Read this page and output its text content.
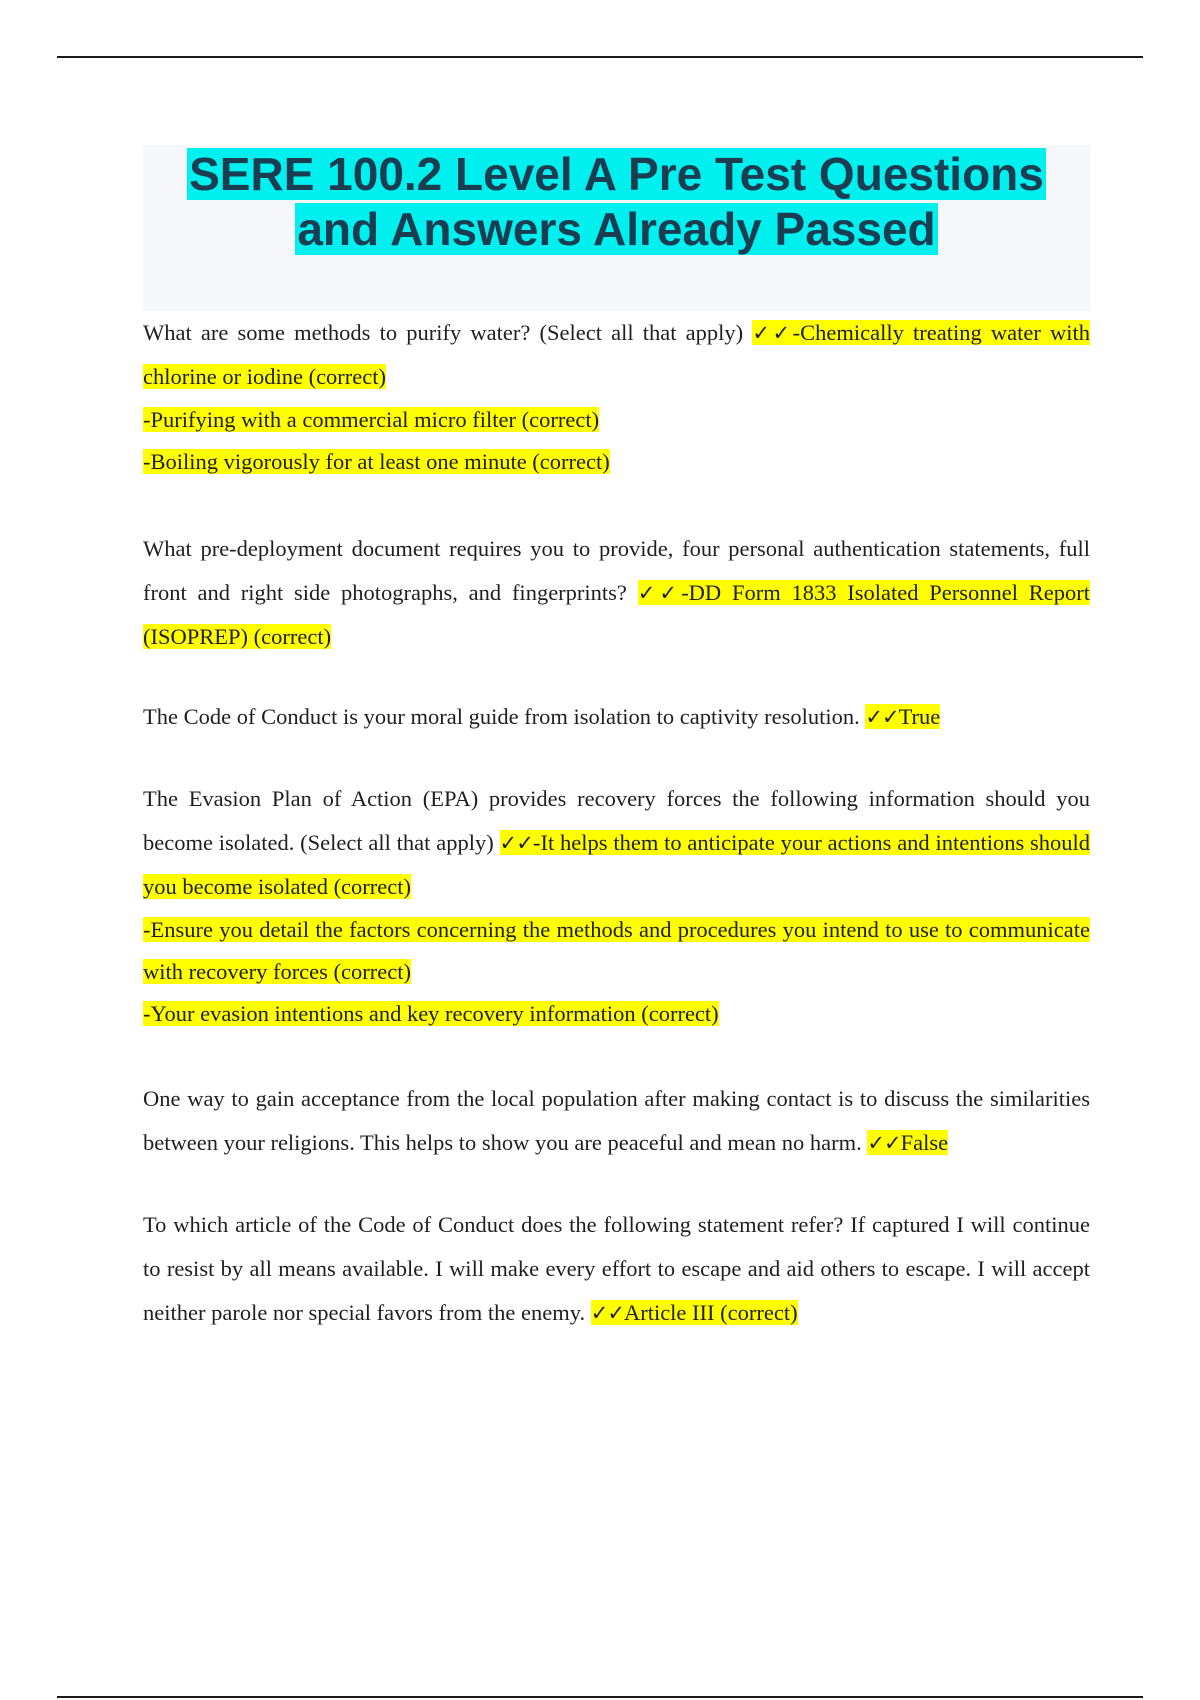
SERE 100.2 Level A Pre Test Questions
and Answers Already Passed
What are some methods to purify water? (Select all that apply) ✓✓-Chemically treating water with chlorine or iodine (correct)
-Purifying with a commercial micro filter (correct)
-Boiling vigorously for at least one minute (correct)
What pre-deployment document requires you to provide, four personal authentication statements, full front and right side photographs, and fingerprints? ✓✓-DD Form 1833 Isolated Personnel Report (ISOPREP) (correct)
The Code of Conduct is your moral guide from isolation to captivity resolution. ✓✓True
The Evasion Plan of Action (EPA) provides recovery forces the following information should you become isolated. (Select all that apply) ✓✓-It helps them to anticipate your actions and intentions should you become isolated (correct)
-Ensure you detail the factors concerning the methods and procedures you intend to use to communicate with recovery forces (correct)
-Your evasion intentions and key recovery information (correct)
One way to gain acceptance from the local population after making contact is to discuss the similarities between your religions. This helps to show you are peaceful and mean no harm. ✓✓False
To which article of the Code of Conduct does the following statement refer? If captured I will continue to resist by all means available. I will make every effort to escape and aid others to escape. I will accept neither parole nor special favors from the enemy. ✓✓Article III (correct)
